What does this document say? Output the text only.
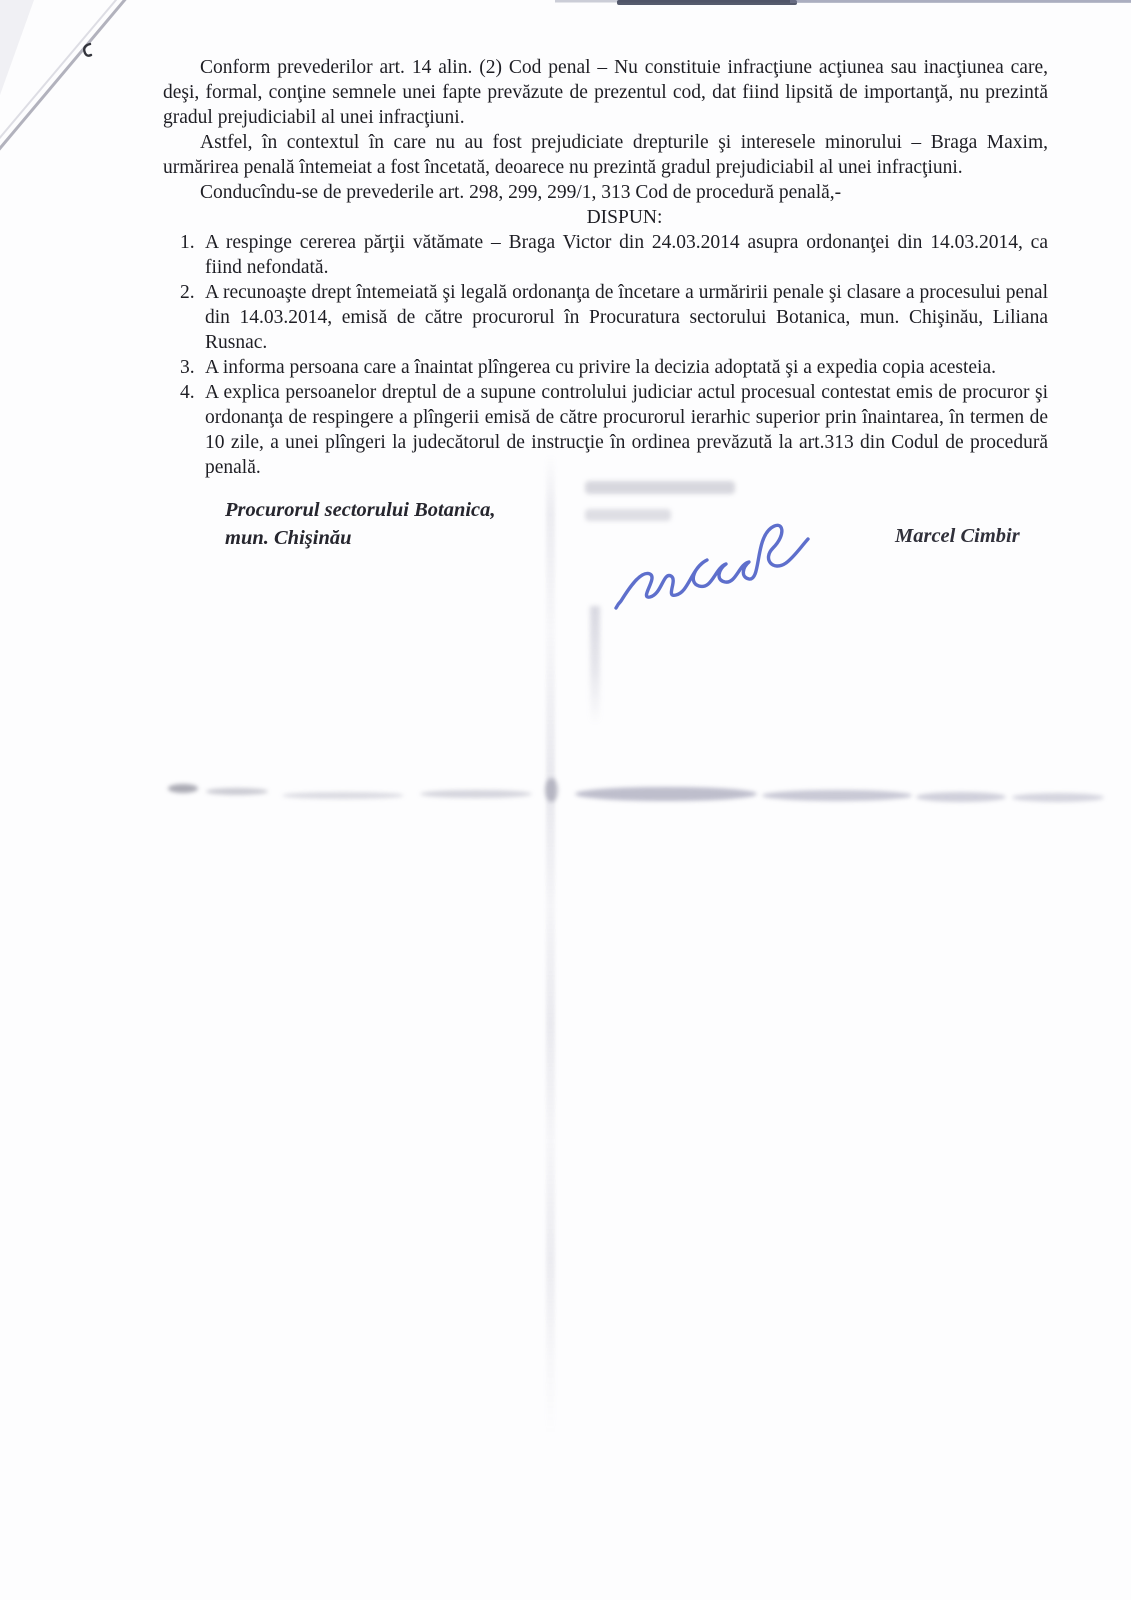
Conform prevederilor art. 14 alin. (2) Cod penal – Nu constituie infracţiune acţiunea sau inacţiunea care, deşi, formal, conţine semnele unei fapte prevăzute de prezentul cod, dat fiind lipsită de importanţă, nu prezintă gradul prejudiciabil al unei infracţiuni.

Astfel, în contextul în care nu au fost prejudiciate drepturile şi interesele minorului – Braga Maxim, urmărirea penală întemeiat a fost încetată, deoarece nu prezintă gradul prejudiciabil al unei infracţiuni.

Conducîndu-se de prevederile art. 298, 299, 299/1, 313 Cod de procedură penală,-

DISPUN:

1. A respinge cererea părţii vătămate – Braga Victor din 24.03.2014 asupra ordonanţei din 14.03.2014, ca fiind nefondată.
2. A recunoaşte drept întemeiată şi legală ordonanţa de încetare a urmăririi penale şi clasare a procesului penal din 14.03.2014, emisă de către procurorul în Procuratura sectorului Botanica, mun. Chişinău, Liliana Rusnac.
3. A informa persoana care a înaintat plîngerea cu privire la decizia adoptată şi a expedia copia acesteia.
4. A explica persoanelor dreptul de a supune controlului judiciar actul procesual contestat emis de procuror şi ordonanţa de respingere a plîngerii emisă de către procurorul ierarhic superior prin înaintarea, în termen de 10 zile, a unei plîngeri la judecătorul de instrucţie în ordinea prevăzută la art.313 din Codul de procedură penală.
Procurorul sectorului Botanica,
mun. Chişinău	Marcel Cimbir
